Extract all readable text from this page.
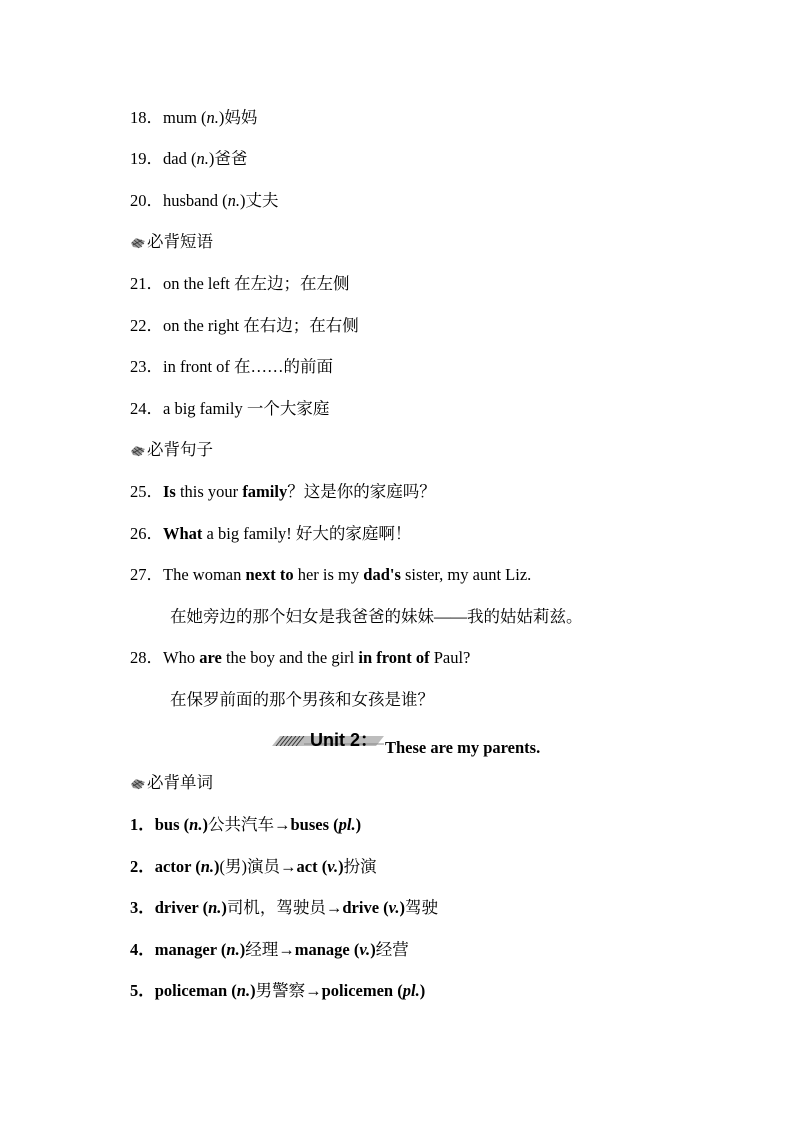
18．mum (n.)妈妈
19．dad (n.)爸爸
20．husband (n.)丈夫
必背短语
21．on the left 在左边；在左侧
22．on the right 在右边；在右侧
23．in front of 在……的前面
24．a big family 一个大家庭
必背句子
25．Is this your family？这是你的家庭吗？
26．What a big family! 好大的家庭啊！
27．The woman next to her is my dad's sister, my aunt Liz.
在她旁边的那个妇女是我爸爸的妹妹——我的姑姑莉兹。
28．Who are the boy and the girl in front of Paul?
在保罗前面的那个男孩和女孩是谁？
Unit 2： These are my parents.
必背单词
1．bus (n.)公共汽车→buses (pl.)
2．actor (n.)(男)演员→act (v.)扮演
3．driver (n.)司机，驾驶员→drive (v.)驾驶
4．manager (n.)经理→manage (v.)经营
5．policeman (n.)男警察→policemen (pl.)
